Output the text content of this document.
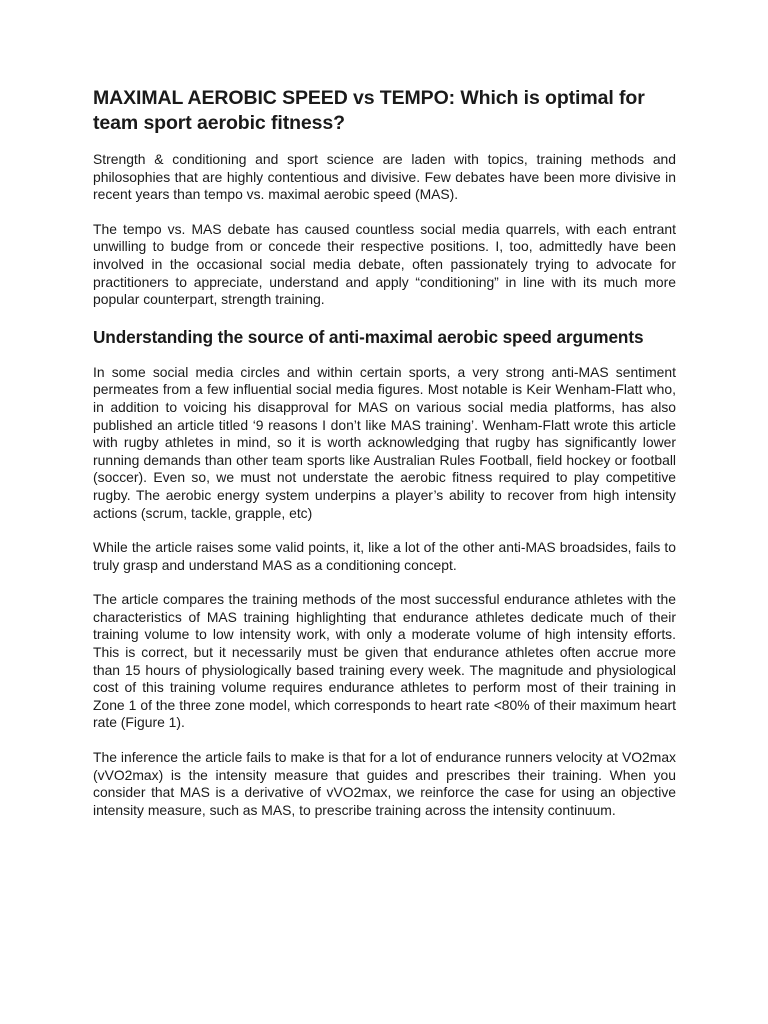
MAXIMAL AEROBIC SPEED vs TEMPO: Which is optimal for team sport aerobic fitness?

Strength & conditioning and sport science are laden with topics, training methods and philosophies that are highly contentious and divisive. Few debates have been more divisive in recent years than tempo vs. maximal aerobic speed (MAS).

The tempo vs. MAS debate has caused countless social media quarrels, with each entrant unwilling to budge from or concede their respective positions. I, too, admittedly have been involved in the occasional social media debate, often passionately trying to advocate for practitioners to appreciate, understand and apply “conditioning” in line with its much more popular counterpart, strength training.

Understanding the source of anti-maximal aerobic speed arguments

In some social media circles and within certain sports, a very strong anti-MAS sentiment permeates from a few influential social media figures. Most notable is Keir Wenham-Flatt who, in addition to voicing his disapproval for MAS on various social media platforms, has also published an article titled ‘9 reasons I don’t like MAS training’. Wenham-Flatt wrote this article with rugby athletes in mind, so it is worth acknowledging that rugby has significantly lower running demands than other team sports like Australian Rules Football, field hockey or football (soccer). Even so, we must not understate the aerobic fitness required to play competitive rugby. The aerobic energy system underpins a player’s ability to recover from high intensity actions (scrum, tackle, grapple, etc)

While the article raises some valid points, it, like a lot of the other anti-MAS broadsides, fails to truly grasp and understand MAS as a conditioning concept.

The article compares the training methods of the most successful endurance athletes with the characteristics of MAS training highlighting that endurance athletes dedicate much of their training volume to low intensity work, with only a moderate volume of high intensity efforts. This is correct, but it necessarily must be given that endurance athletes often accrue more than 15 hours of physiologically based training every week. The magnitude and physiological cost of this training volume requires endurance athletes to perform most of their training in Zone 1 of the three zone model, which corresponds to heart rate <80% of their maximum heart rate (Figure 1).

The inference the article fails to make is that for a lot of endurance runners velocity at VO2max (vVO2max) is the intensity measure that guides and prescribes their training. When you consider that MAS is a derivative of vVO2max, we reinforce the case for using an objective intensity measure, such as MAS, to prescribe training across the intensity continuum.
